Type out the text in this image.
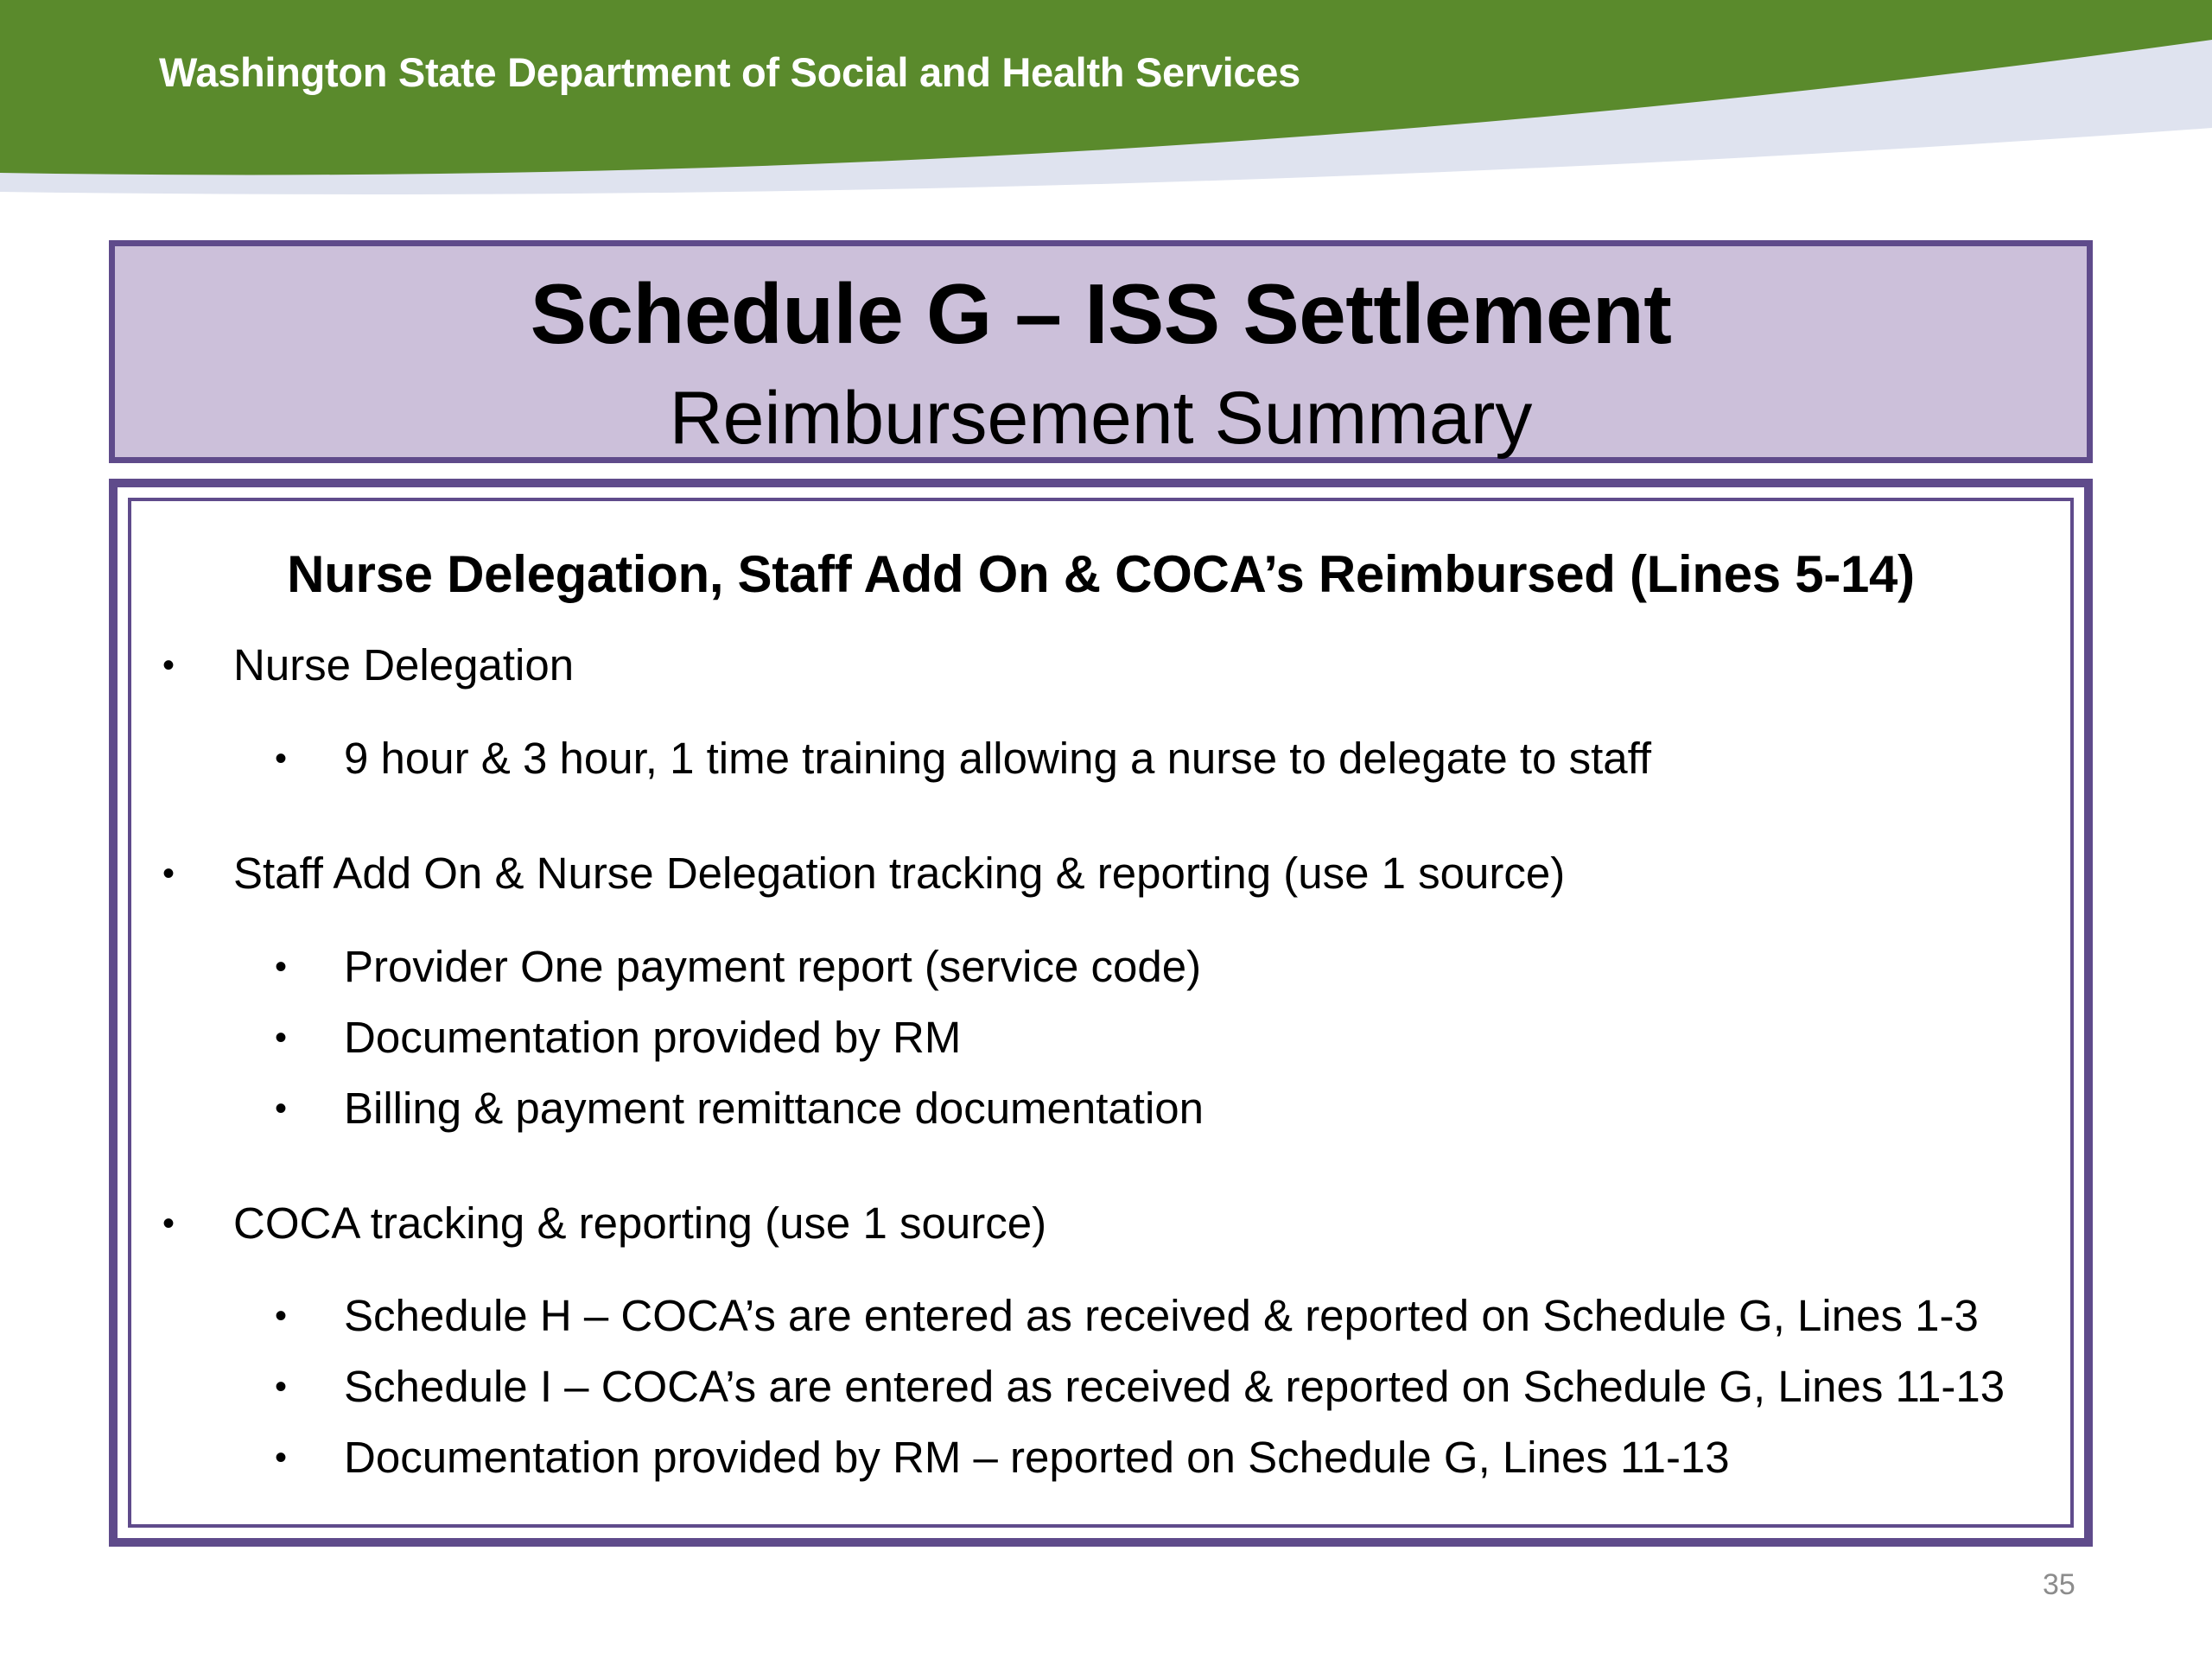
Washington State Department of Social and Health Services
Schedule G – ISS Settlement
Reimbursement Summary
Nurse Delegation, Staff Add On & COCA’s Reimbursed (Lines 5-14)
• Nurse Delegation
• 9 hour & 3 hour, 1 time training allowing a nurse to delegate to staff
• Staff Add On & Nurse Delegation tracking & reporting (use 1 source)
• Provider One payment report (service code)
• Documentation provided by RM
• Billing & payment remittance documentation
• COCA tracking & reporting (use 1 source)
• Schedule H – COCA’s are entered as received & reported on Schedule G, Lines 1-3
• Schedule I – COCA’s are entered as received & reported on Schedule G, Lines 11-13
• Documentation provided by RM – reported on Schedule G, Lines 11-13
35
